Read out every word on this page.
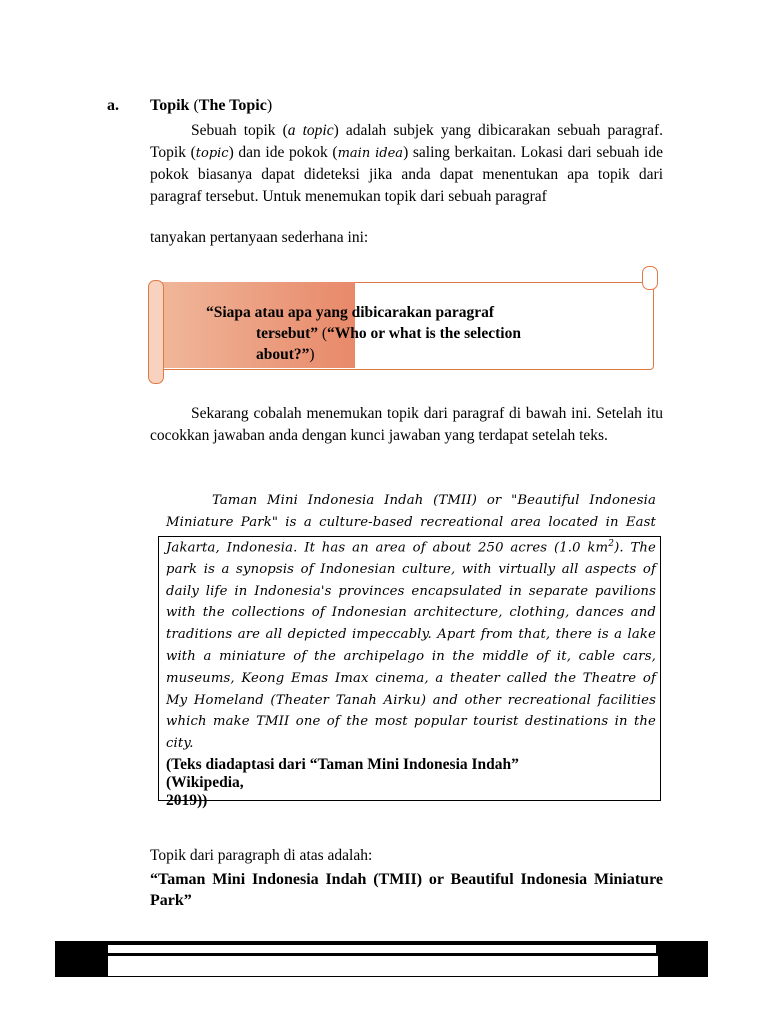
a. Topik (The Topic)
Sebuah topik (a topic) adalah subjek yang dibicarakan sebuah paragraf. Topik (topic) dan ide pokok (main idea) saling berkaitan. Lokasi dari sebuah ide pokok biasanya dapat dideteksi jika anda dapat menentukan apa topik dari paragraf tersebut. Untuk menemukan topik dari sebuah paragraf
tanyakan pertanyaan sederhana ini:
“Siapa atau apa yang dibicarakan paragraf
tersebut” (“Who or what is the selection
about?”)
Sekarang cobalah menemukan topik dari paragraf di bawah ini. Setelah itu cocokkan jawaban anda dengan kunci jawaban yang terdapat setelah teks.
Taman Mini Indonesia Indah (TMII) or "Beautiful Indonesia Miniature Park" is a culture-based recreational area located in East Jakarta, Indonesia. It has an area of about 250 acres (1.0 $km^2$). The park is a synopsis of Indonesian culture, with virtually all aspects of daily life in Indonesia's provinces encapsulated in separate pavilions with the collections of Indonesian architecture, clothing, dances and traditions are all depicted impeccably. Apart from that, there is a lake with a miniature of the archipelago in the middle of it, cable cars, museums, Keong Emas Imax cinema, a theater called the Theatre of My Homeland (Theater Tanah Airku) and other recreational facilities which make TMII one of the most popular tourist destinations in the city.
(Teks diadaptasi dari “Taman Mini Indonesia Indah”
(Wikipedia,
2019))
Topik dari paragraph di atas adalah:
“Taman Mini Indonesia Indah (TMII) or Beautiful Indonesia Miniature Park”
